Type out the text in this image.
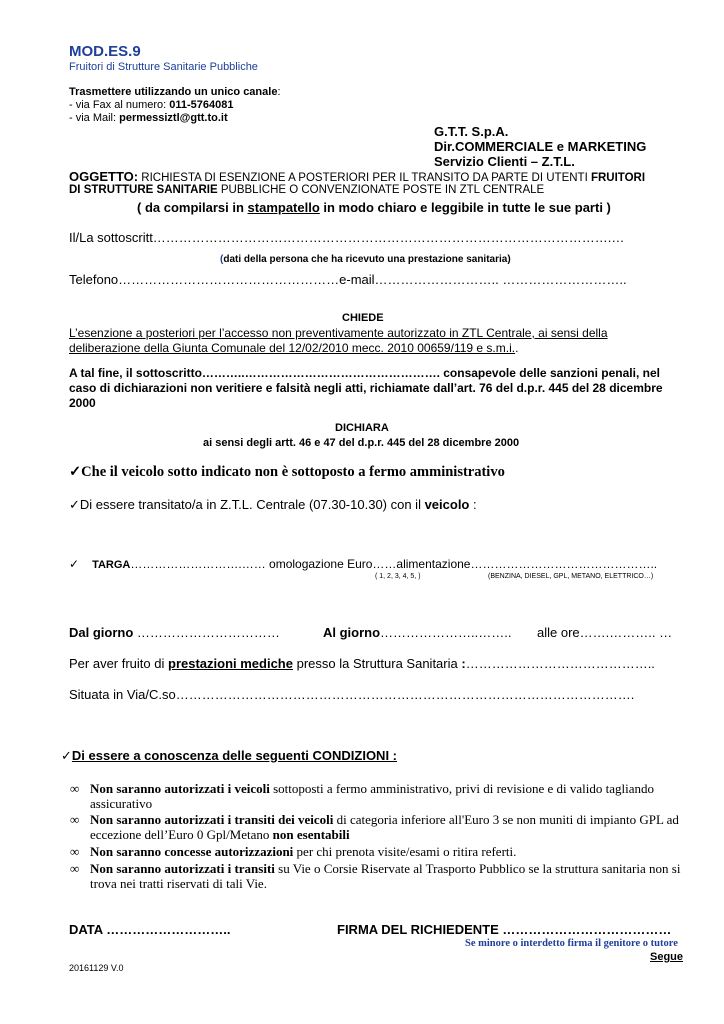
MOD.ES.9
Fruitori di Strutture Sanitarie Pubbliche
Trasmettere utilizzando un unico canale:
- via Fax al numero: 011-5764081
- via Mail: permessiztl@gtt.to.it
G.T.T. S.p.A.
Dir.COMMERCIALE e MARKETING
Servizio Clienti – Z.T.L.
OGGETTO: RICHIESTA DI ESENZIONE A POSTERIORI PER IL TRANSITO DA PARTE DI UTENTI FRUITORI
DI STRUTTURE SANITARIE PUBBLICHE O CONVENZIONATE POSTE IN ZTL CENTRALE
( da compilarsi in stampatello in modo chiaro e leggibile in tutte le sue parti )
Il/La sottoscritt…………………………………………………………………………………………….…
(dati della persona che ha ricevuto una prestazione sanitaria)
Telefono……………………………………………e-mail……………………….. ………………………..
CHIEDE
L’esenzione a posteriori per l’accesso non preventivamente autorizzato in ZTL Centrale, ai sensi della
deliberazione della Giunta Comunale del 12/02/2010 mecc. 2010 00659/119 e s.m.i..
A tal fine, il sottoscritto………..…………………………………………. consapevole delle sanzioni penali, nel
caso di dichiarazioni non veritiere e falsità negli atti, richiamate dall’art. 76 del d.p.r. 445 del 28 dicembre
2000
DICHIARA
ai sensi degli artt. 46 e 47 del d.p.r. 445 del 28 dicembre 2000
✓Che il veicolo sotto indicato non è sottoposto a fermo amministrativo
✓Di essere transitato/a in Z.T.L. Centrale (07.30-10.30) con il veicolo :
✓ TARGA……………………….…… omologazione Euro……alimentazione………………………………………..
( 1, 2, 3, 4, 5, )	(BENZINA, DIESEL, GPL, METANO, ELETTRICO…)
Dal giorno ……………………………	Al giorno…………………..…….. alle ore…….……….. …
Per aver fruito di prestazioni mediche presso la Struttura Sanitaria :……………………………………..
Situata in Via/C.so…………………………………………………………………………………………….
✓Di essere a conoscenza delle seguenti CONDIZIONI :
∞ Non saranno autorizzati i veicoli sottoposti a fermo amministrativo, privi di revisione e di valido tagliando assicurativo
∞ Non saranno autorizzati i transiti dei veicoli di categoria inferiore all'Euro 3 se non muniti di impianto GPL ad eccezione dell’Euro 0 Gpl/Metano non esentabili
∞ Non saranno concesse autorizzazioni per chi prenota visite/esami o ritira referti.
∞ Non saranno autorizzati i transiti su Vie o Corsie Riservate al Trasporto Pubblico se la struttura sanitaria non si trova nei tratti riservati di tali Vie.
DATA ………………………..	FIRMA DEL RICHIEDENTE …………………………………
Se minore o interdetto firma il genitore o tutore
Segue
20161129 V.0
